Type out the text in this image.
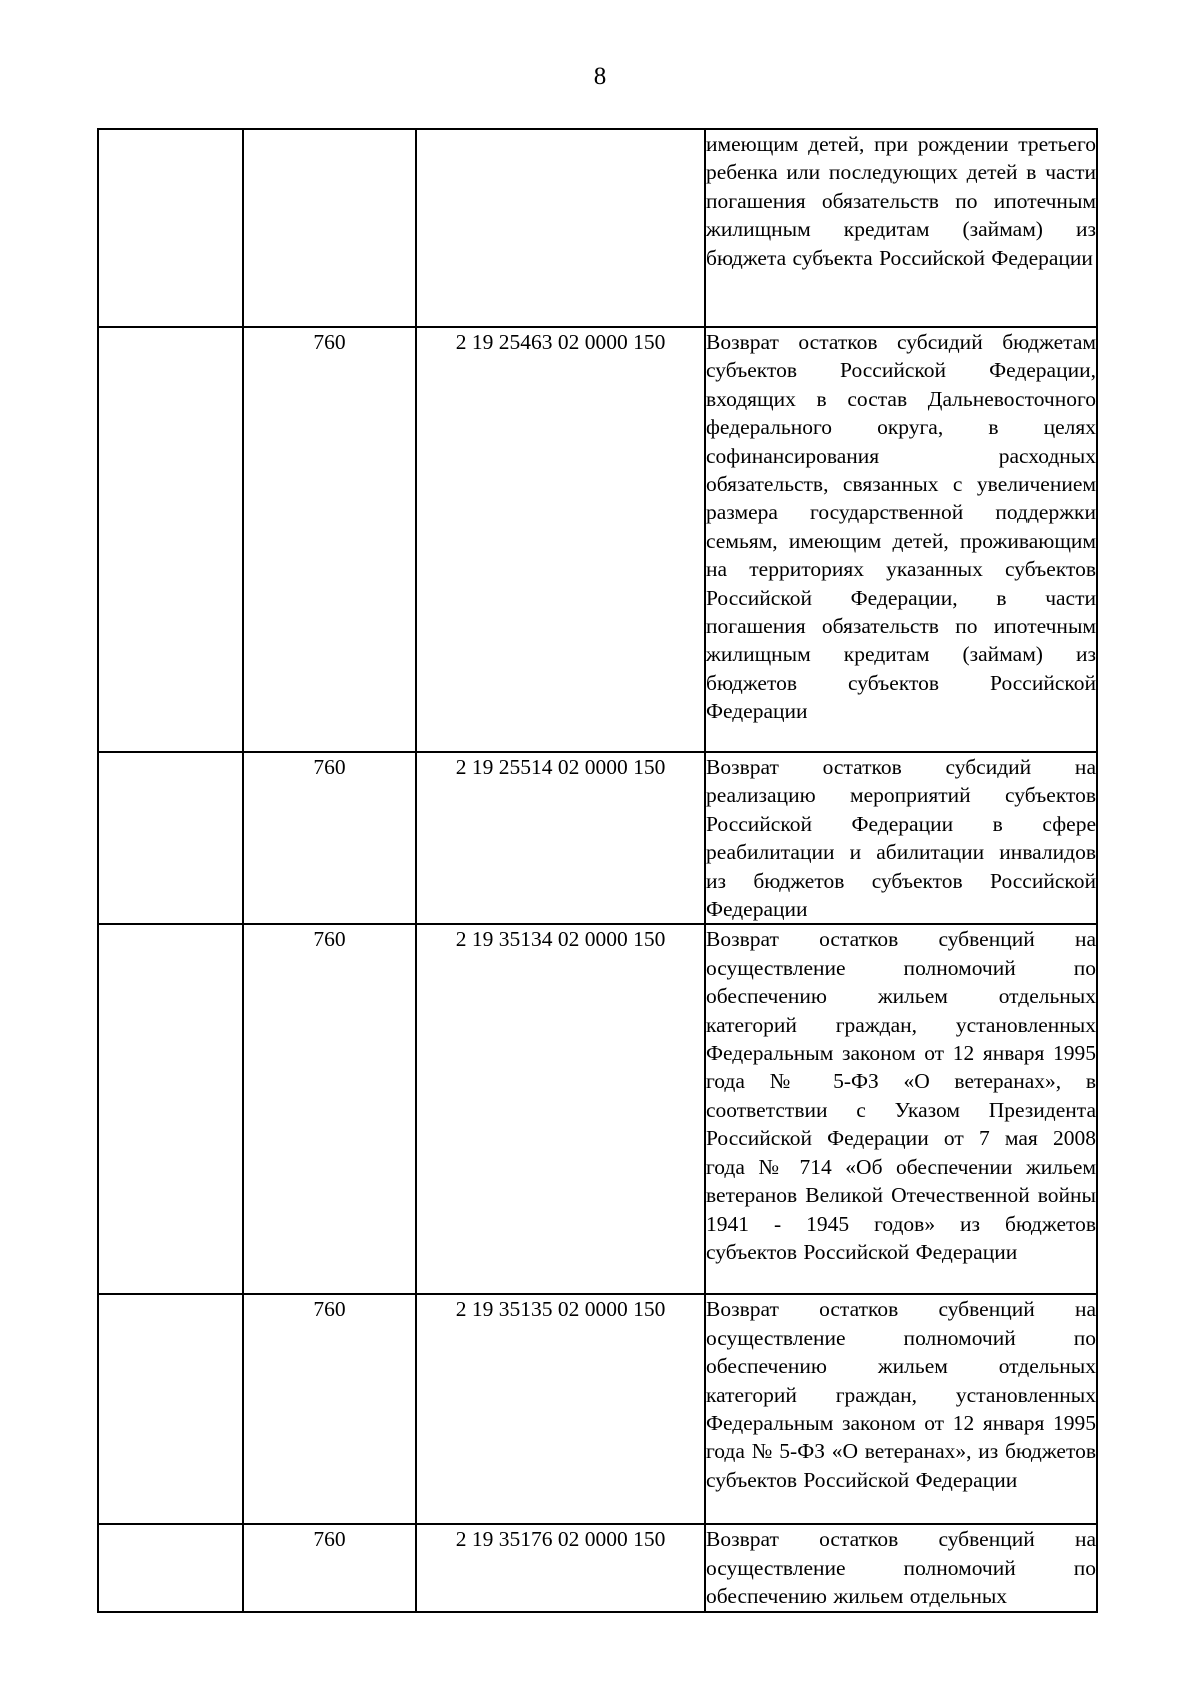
8

			имеющим детей, при рождении третьего ребенка или последующих детей в части погашения обязательств по ипотечным жилищным кредитам (займам) из бюджета субъекта Российской Федерации

	760	2 19 25463 02 0000 150	Возврат остатков субсидий бюджетам субъектов Российской Федерации, входящих в состав Дальневосточного федерального округа, в целях софинансирования расходных обязательств, связанных с увеличением размера государственной поддержки семьям, имеющим детей, проживающим на территориях указанных субъектов Российской Федерации, в части погашения обязательств по ипотечным жилищным кредитам (займам) из бюджетов субъектов Российской Федерации

	760	2 19 25514 02 0000 150	Возврат остатков субсидий на реализацию мероприятий субъектов Российской Федерации в сфере реабилитации и абилитации инвалидов из бюджетов субъектов Российской Федерации

	760	2 19 35134 02 0000 150	Возврат остатков субвенций на осуществление полномочий по обеспечению жильем отдельных категорий граждан, установленных Федеральным законом от 12 января 1995 года № 5-ФЗ «О ветеранах», в соответствии с Указом Президента Российской Федерации от 7 мая 2008 года № 714 «Об обеспечении жильем ветеранов Великой Отечественной войны 1941 - 1945 годов» из бюджетов субъектов Российской Федерации

	760	2 19 35135 02 0000 150	Возврат остатков субвенций на осуществление полномочий по обеспечению жильем отдельных категорий граждан, установленных Федеральным законом от 12 января 1995 года № 5-ФЗ «О ветеранах», из бюджетов субъектов Российской Федерации

	760	2 19 35176 02 0000 150	Возврат остатков субвенций на осуществление полномочий по обеспечению жильем отдельных
